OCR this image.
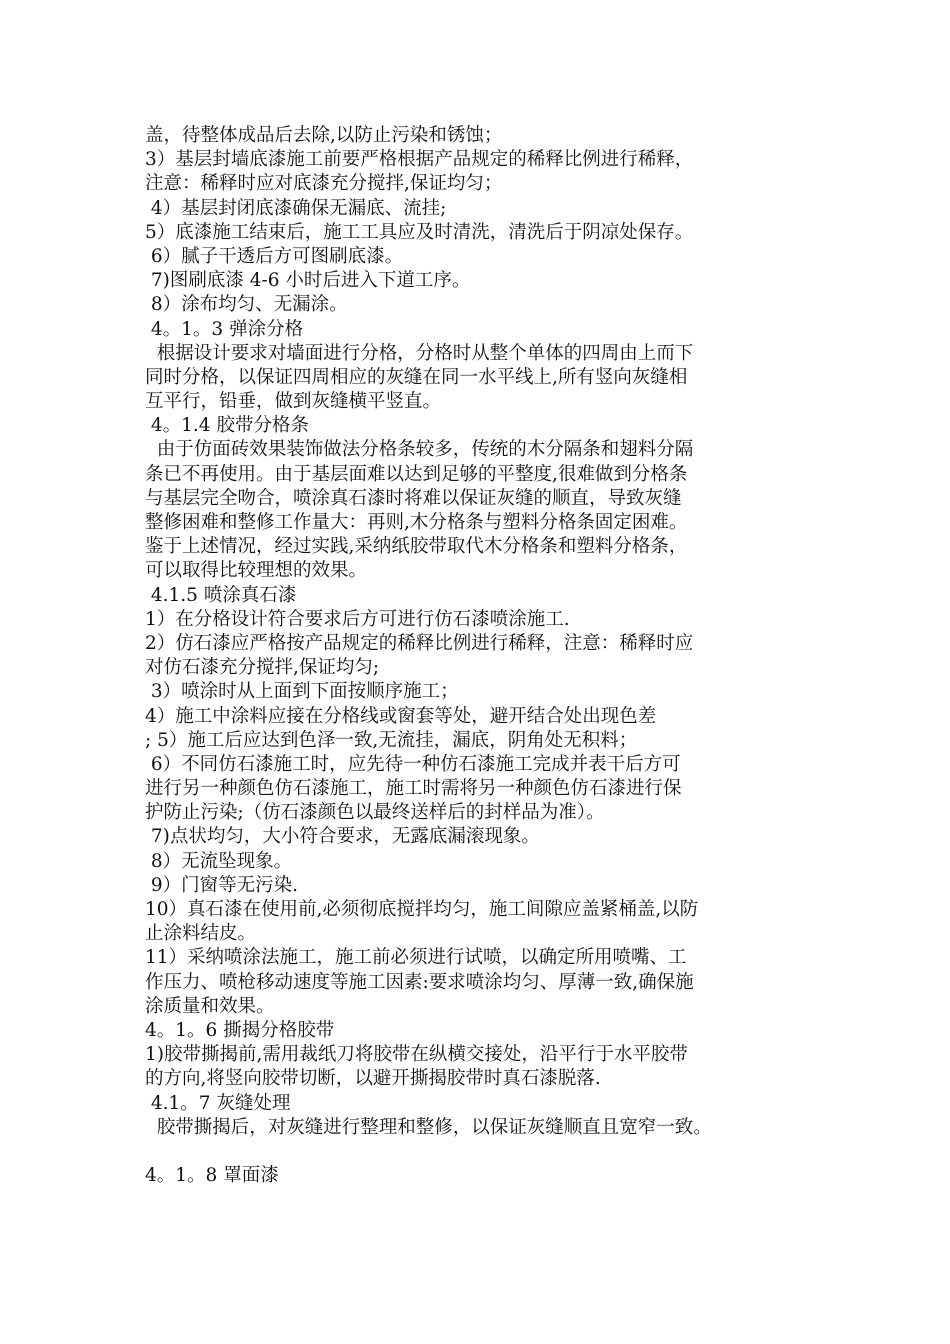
盖，待整体成品后去除,以防止污染和锈蚀；
3）基层封墙底漆施工前要严格根据产品规定的稀释比例进行稀释，
注意：稀释时应对底漆充分搅拌,保证均匀；
4）基层封闭底漆确保无漏底、流挂;
5）底漆施工结束后，施工工具应及时清洗，清洗后于阴凉处保存。
6）腻子干透后方可图刷底漆。
7)图刷底漆 4-6 小时后进入下道工序。
8）涂布均匀、无漏涂。
4。1。3 弹涂分格
根据设计要求对墙面进行分格，分格时从整个单体的四周由上而下
同时分格，以保证四周相应的灰缝在同一水平线上,所有竖向灰缝相
互平行，铅垂，做到灰缝横平竖直。
4。1.4 胶带分格条
由于仿面砖效果装饰做法分格条较多，传统的木分隔条和翅料分隔
条已不再使用。由于基层面难以达到足够的平整度,很难做到分格条
与基层完全吻合，喷涂真石漆时将难以保证灰缝的顺直，导致灰缝
整修困难和整修工作量大：再则,木分格条与塑料分格条固定困难。
鉴于上述情况，经过实践,采纳纸胶带取代木分格条和塑料分格条，
可以取得比较理想的效果。
4.1.5 喷涂真石漆
1）在分格设计符合要求后方可进行仿石漆喷涂施工.
2）仿石漆应严格按产品规定的稀释比例进行稀释，注意：稀释时应
对仿石漆充分搅拌,保证均匀;
3）喷涂时从上面到下面按顺序施工；
4）施工中涂料应接在分格线或窗套等处，避开结合处出现色差
; 5）施工后应达到色泽一致,无流挂，漏底，阴角处无积料；
6）不同仿石漆施工时，应先待一种仿石漆施工完成并表干后方可
进行另一种颜色仿石漆施工，施工时需将另一种颜色仿石漆进行保
护防止污染;（仿石漆颜色以最终送样后的封样品为准）。
7)点状均匀，大小符合要求，无露底漏滚现象。
8）无流坠现象。
9）门窗等无污染.
10）真石漆在使用前,必须彻底搅拌均匀，施工间隙应盖紧桶盖,以防
止涂料结皮。
11）采纳喷涂法施工，施工前必须进行试喷，以确定所用喷嘴、工
作压力、喷枪移动速度等施工因素:要求喷涂均匀、厚薄一致,确保施
涂质量和效果。
4。1。6 撕揭分格胶带
1)胶带撕揭前,需用裁纸刀将胶带在纵横交接处，沿平行于水平胶带
的方向,将竖向胶带切断，以避开撕揭胶带时真石漆脱落.
4.1。7 灰缝处理
胶带撕揭后，对灰缝进行整理和整修，以保证灰缝顺直且宽窄一致。
4。1。8 罩面漆
